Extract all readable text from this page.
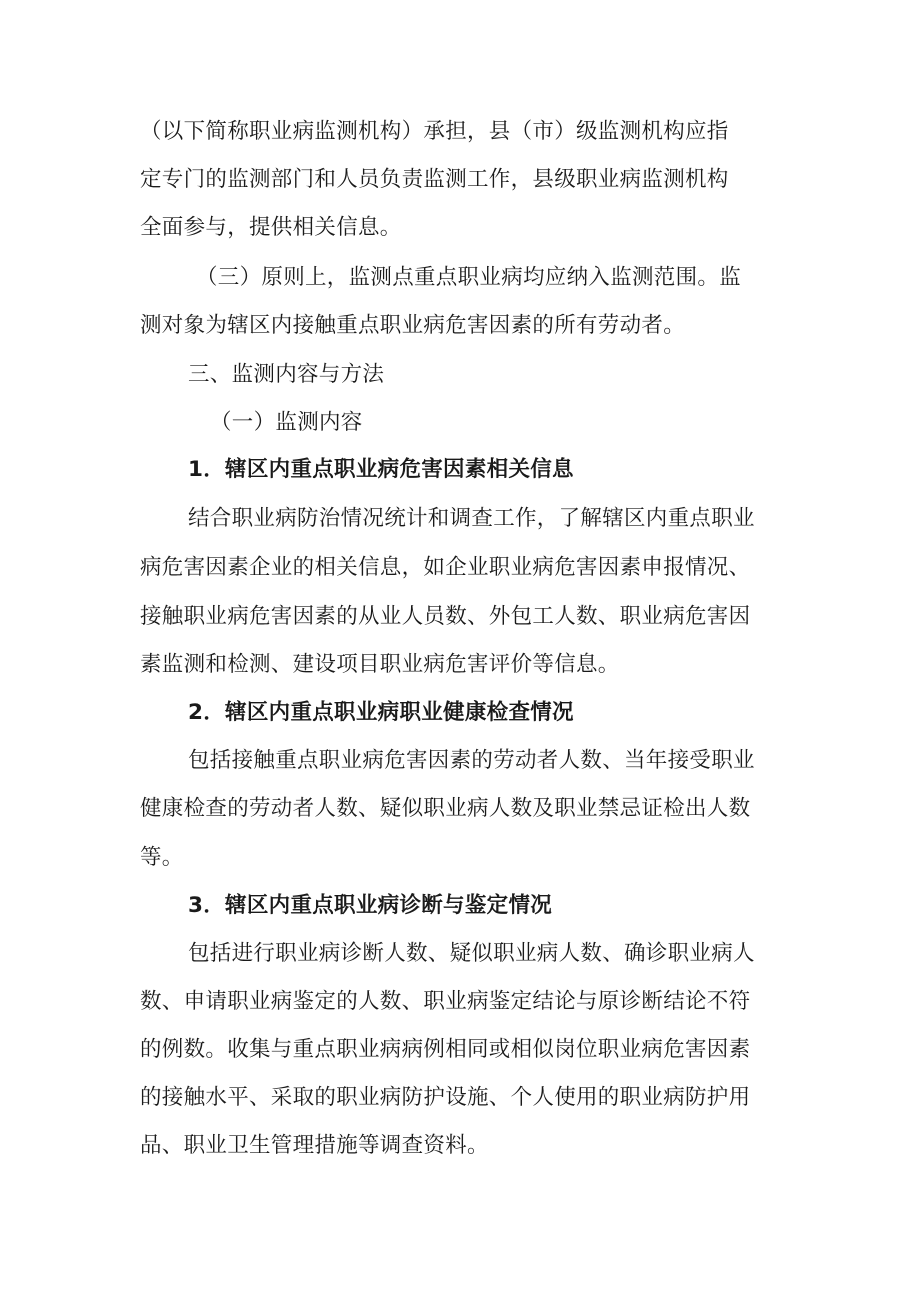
（以下简称职业病监测机构）承担，县（市）级监测机构应指
定专门的监测部门和人员负责监测工作，县级职业病监测机构
全面参与，提供相关信息。
（三）原则上，监测点重点职业病均应纳入监测范围。监
测对象为辖区内接触重点职业病危害因素的所有劳动者。
三、监测内容与方法
（一）监测内容
1．辖区内重点职业病危害因素相关信息
结合职业病防治情况统计和调查工作，了解辖区内重点职业
病危害因素企业的相关信息，如企业职业病危害因素申报情况、
接触职业病危害因素的从业人员数、外包工人数、职业病危害因
素监测和检测、建设项目职业病危害评价等信息。
2．辖区内重点职业病职业健康检查情况
包括接触重点职业病危害因素的劳动者人数、当年接受职业
健康检查的劳动者人数、疑似职业病人数及职业禁忌证检出人数
等。
3．辖区内重点职业病诊断与鉴定情况
包括进行职业病诊断人数、疑似职业病人数、确诊职业病人
数、申请职业病鉴定的人数、职业病鉴定结论与原诊断结论不符
的例数。收集与重点职业病病例相同或相似岗位职业病危害因素
的接触水平、采取的职业病防护设施、个人使用的职业病防护用
品、职业卫生管理措施等调查资料。
